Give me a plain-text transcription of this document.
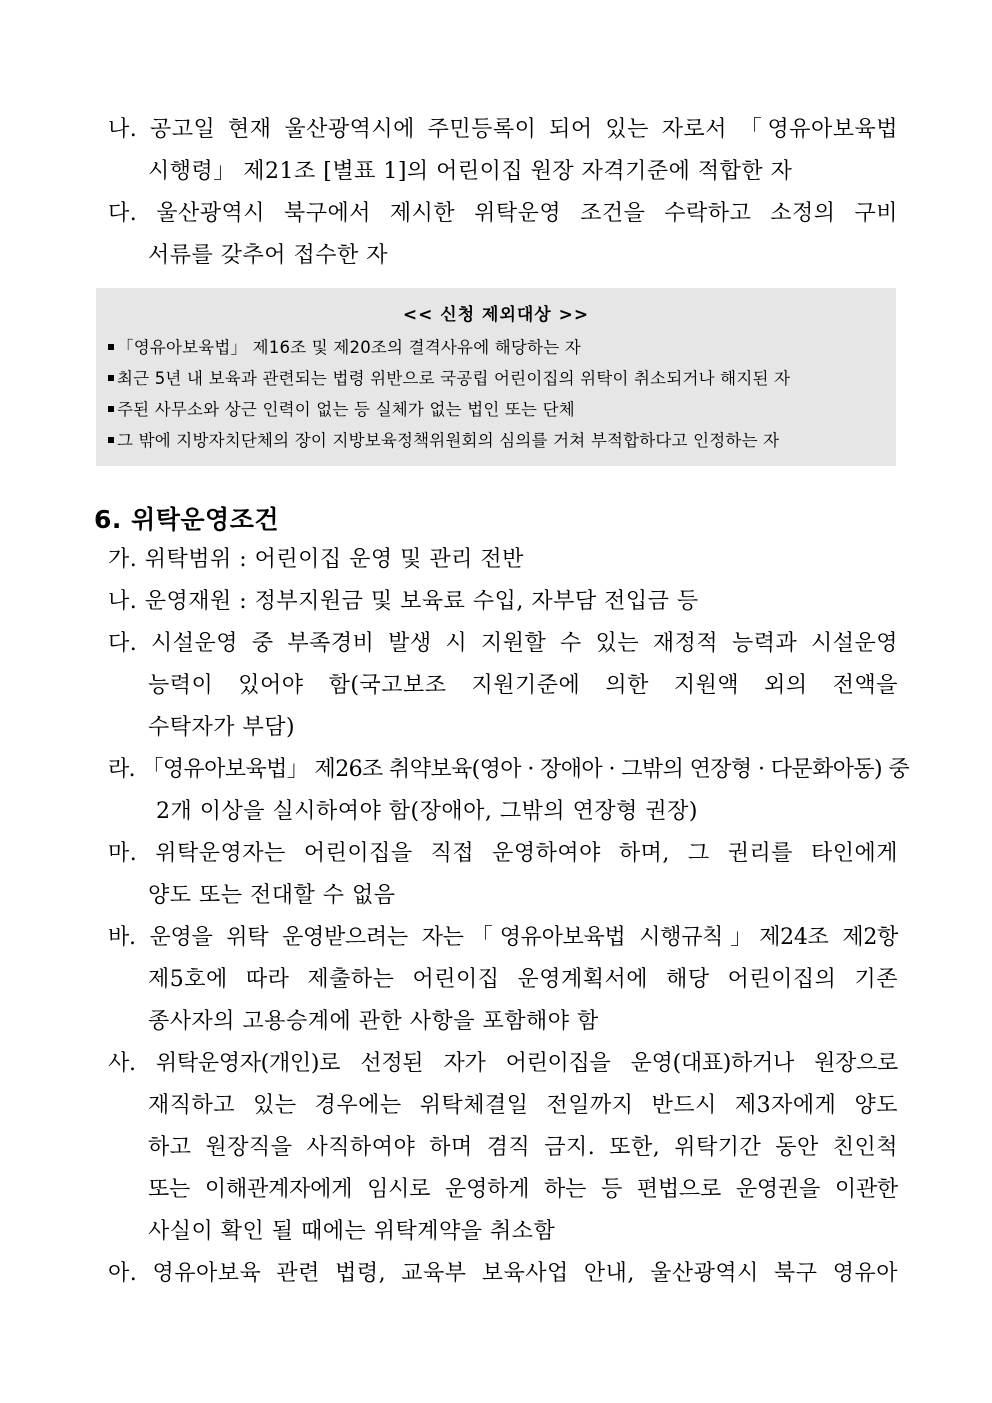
나. 공고일 현재 울산광역시에 주민등록이 되어 있는 자로서 「영유아보육법
시행령」 제21조 [별표 1]의 어린이집 원장 자격기준에 적합한 자
다. 울산광역시 북구에서 제시한 위탁운영 조건을 수락하고 소정의 구비
서류를 갖추어 접수한 자
<< 신청 제외대상 >>
「영유아보육법」 제16조 및 제20조의 결격사유에 해당하는 자
최근 5년 내 보육과 관련되는 법령 위반으로 국공립 어린이집의 위탁이 취소되거나 해지된 자
주된 사무소와 상근 인력이 없는 등 실체가 없는 법인 또는 단체
그 밖에 지방자치단체의 장이 지방보육정책위원회의 심의를 거쳐 부적합하다고 인정하는 자
6. 위탁운영조건
가. 위탁범위 : 어린이집 운영 및 관리 전반
나. 운영재원 : 정부지원금 및 보육료 수입, 자부담 전입금 등
다. 시설운영 중 부족경비 발생 시 지원할 수 있는 재정적 능력과 시설운영
능력이 있어야 함(국고보조 지원기준에 의한 지원액 외의 전액을
수탁자가 부담)
라. 「영유아보육법」 제26조 취약보육(영아 · 장애아 · 그밖의 연장형 · 다문화아동) 중
2개 이상을 실시하여야 함(장애아, 그밖의 연장형 권장)
마. 위탁운영자는 어린이집을 직접 운영하여야 하며, 그 권리를 타인에게
양도 또는 전대할 수 없음
바. 운영을 위탁 운영받으려는 자는「영유아보육법 시행규칙」제24조 제2항
제5호에 따라 제출하는 어린이집 운영계획서에 해당 어린이집의 기존
종사자의 고용승계에 관한 사항을 포함해야 함
사. 위탁운영자(개인)로 선정된 자가 어린이집을 운영(대표)하거나 원장으로
재직하고 있는 경우에는 위탁체결일 전일까지 반드시 제3자에게 양도
하고 원장직을 사직하여야 하며 겸직 금지. 또한, 위탁기간 동안 친인척
또는 이해관계자에게 임시로 운영하게 하는 등 편법으로 운영권을 이관한
사실이 확인 될 때에는 위탁계약을 취소함
아. 영유아보육 관련 법령, 교육부 보육사업 안내, 울산광역시 북구 영유아
